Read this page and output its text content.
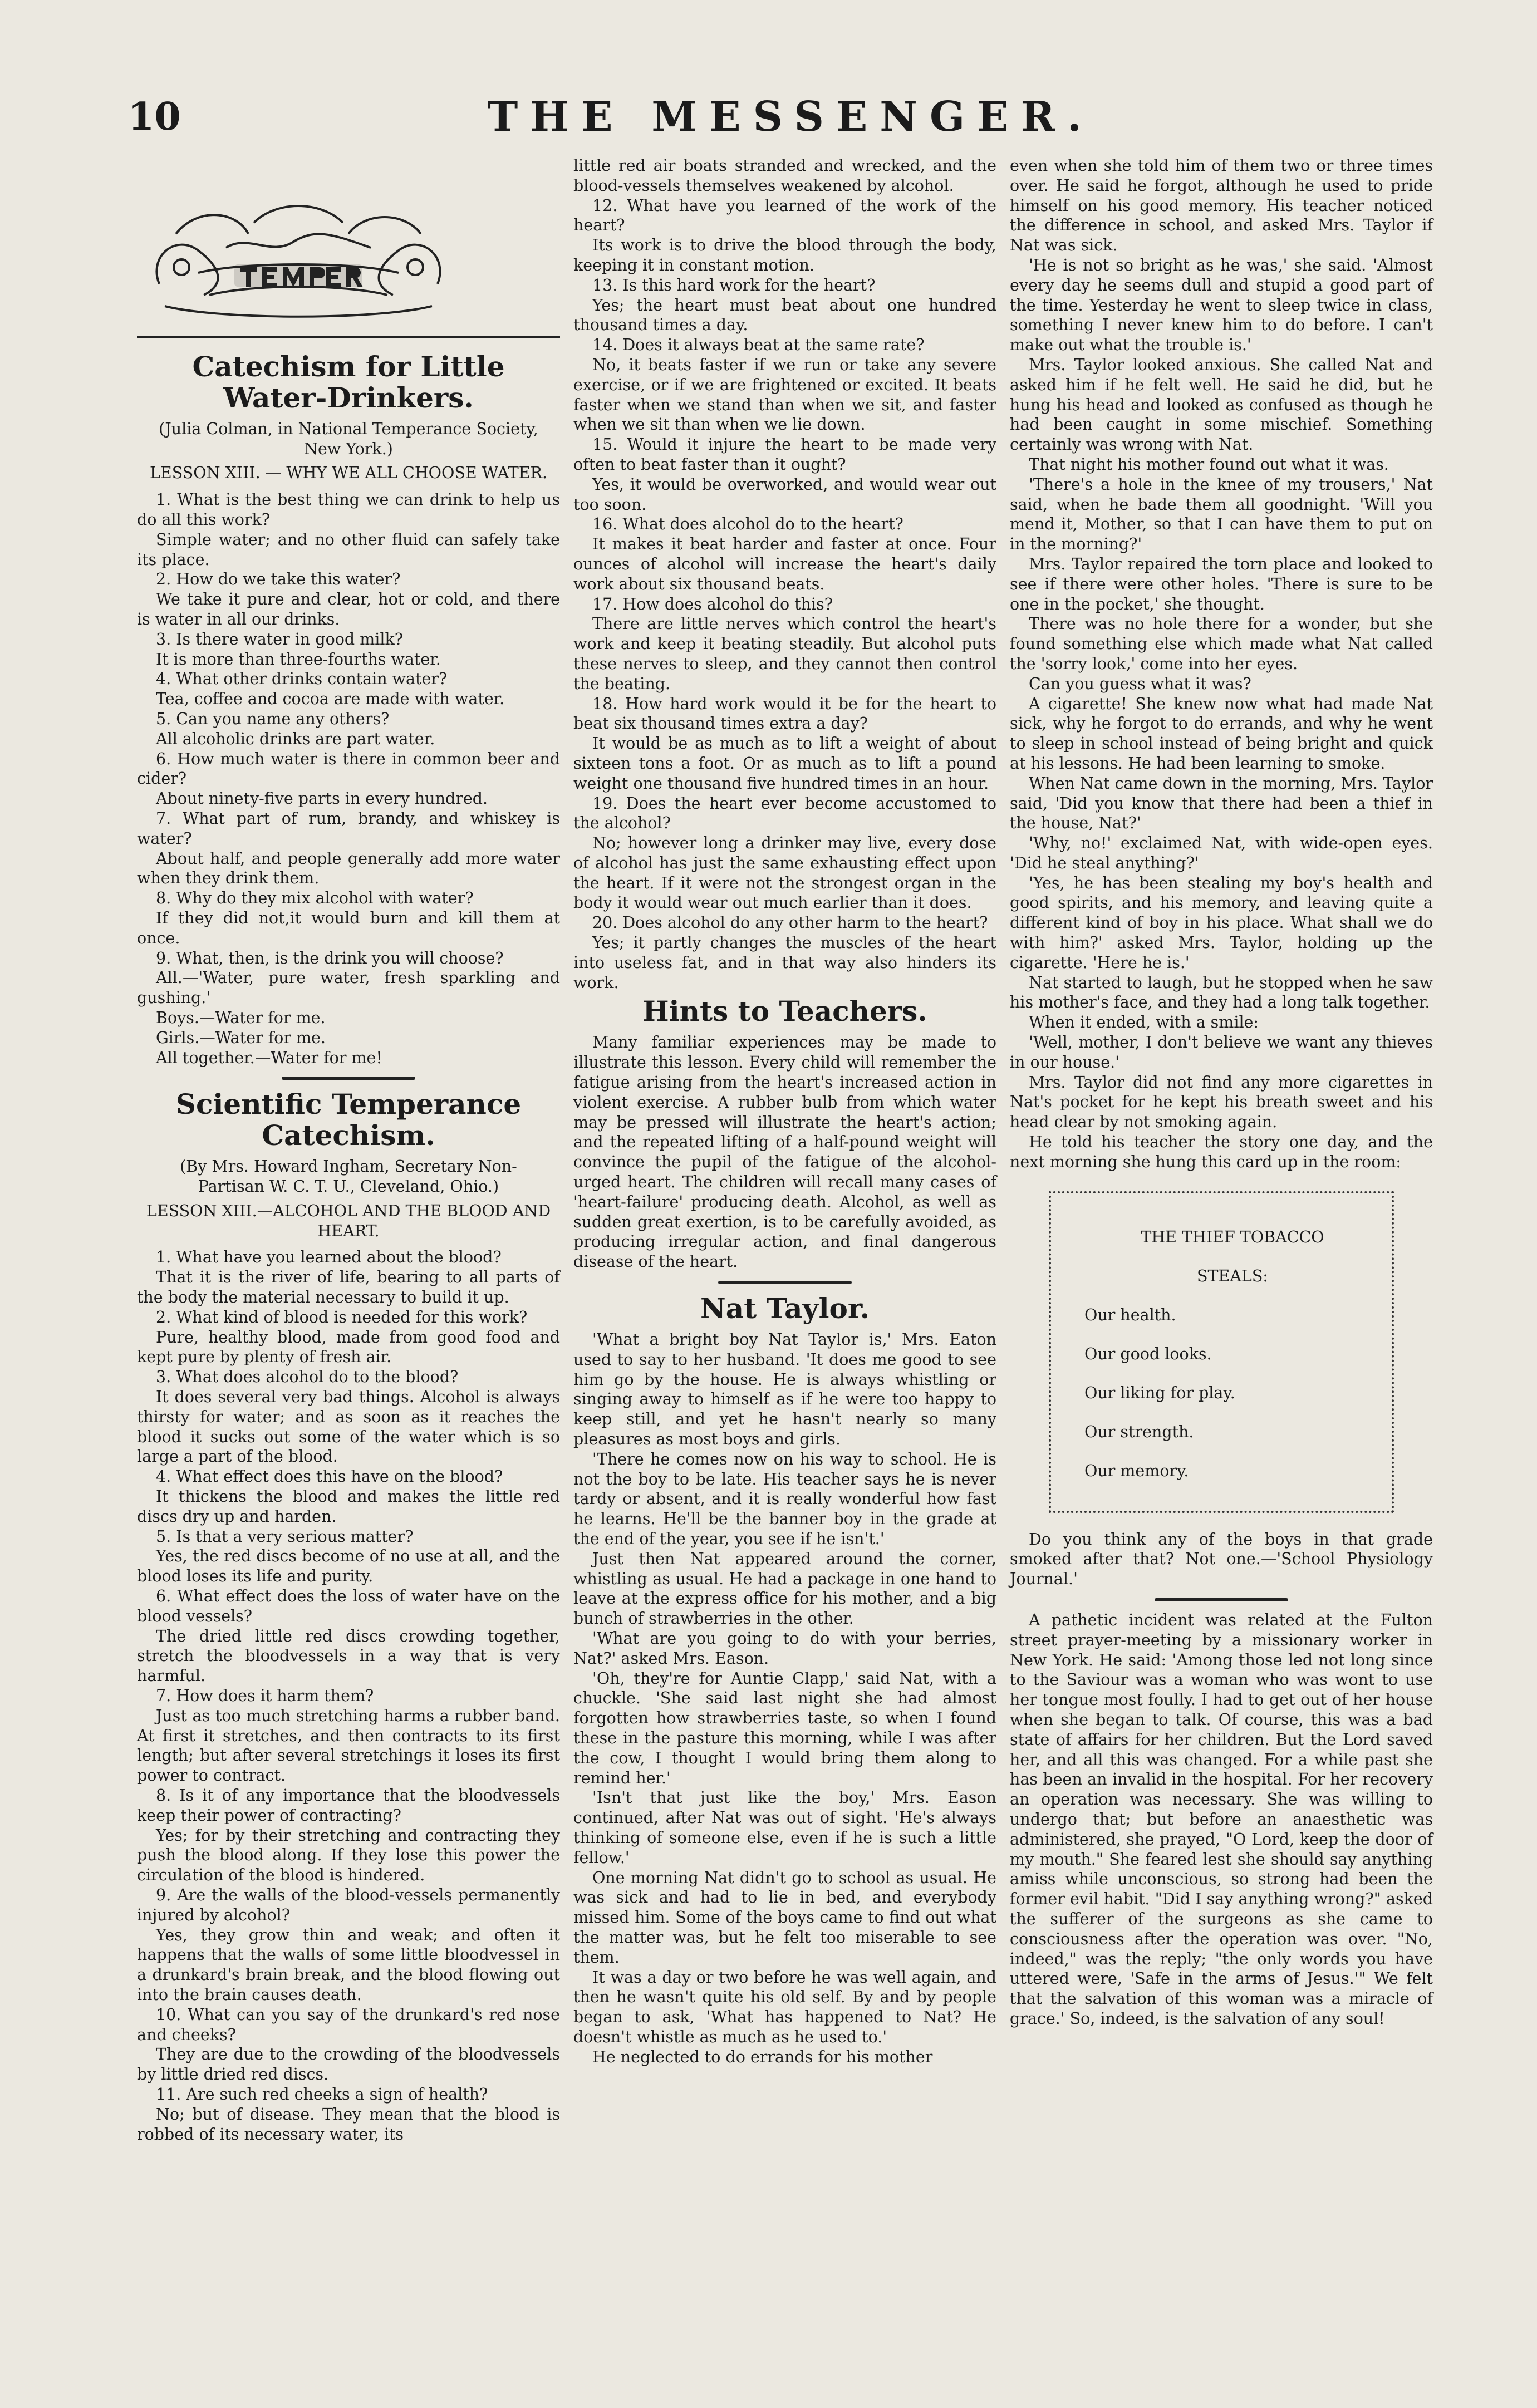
10	THE MESSENGER.
Catechism for Little Water-Drinkers.
(Julia Colman, in National Temperance Society, New York.)
LESSON XIII. — WHY WE ALL CHOOSE WATER.

1. What is the best thing we can drink to help us do all this work?

Simple water; and no other fluid can safely take its place.

2. How do we take this water?

We take it pure and clear, hot or cold, and there is water in all our drinks.

3. Is there water in good milk?

It is more than three-fourths water.

4. What other drinks contain water?

Tea, coffee and cocoa are made with water.

5. Can you name any others?

All alcoholic drinks are part water.

6. How much water is there in common beer and cider?

About ninety-five parts in every hundred.

7. What part of rum, brandy, and whiskey is water?

About half, and people generally add more water when they drink them.

8. Why do they mix alcohol with water?

If they did not,it would burn and kill them at once.

9. What, then, is the drink you will choose?

All.—'Water, pure water, fresh sparkling and gushing.'

Boys.—Water for me.

Girls.—Water for me.

All together.—Water for me!

Scientific Temperance Catechism.
(By Mrs. Howard Ingham, Secretary Non-Partisan W. C. T. U., Cleveland, Ohio.)
LESSON XIII.—ALCOHOL AND THE BLOOD AND HEART.

1. What have you learned about the blood?

That it is the river of life, bearing to all parts of the body the material necessary to build it up.

2. What kind of blood is needed for this work?

Pure, healthy blood, made from good food and kept pure by plenty of fresh air.

3. What does alcohol do to the blood?

It does several very bad things. Alcohol is always thirsty for water; and as soon as it reaches the blood it sucks out some of the water which is so large a part of the blood.

4. What effect does this have on the blood?

It thickens the blood and makes the little red discs dry up and harden.

5. Is that a very serious matter?

Yes, the red discs become of no use at all, and the blood loses its life and purity.

6. What effect does the loss of water have on the blood vessels?

The dried little red discs crowding together, stretch the bloodvessels in a way that is very harmful.

7. How does it harm them?

Just as too much stretching harms a rubber band. At first it stretches, and then contracts to its first length; but after several stretchings it loses its first power to contract.

8. Is it of any importance that the bloodvessels keep their power of contracting?

Yes; for by their stretching and contracting they push the blood along. If they lose this power the circulation of the blood is hindered.

9. Are the walls of the blood-vessels permanently injured by alcohol?

Yes, they grow thin and weak; and often it happens that the walls of some little bloodvessel in a drunkard's brain break, and the blood flowing out into the brain causes death.

10. What can you say of the drunkard's red nose and cheeks?

They are due to the crowding of the bloodvessels by little dried red discs.

11. Are such red cheeks a sign of health?

No; but of disease. They mean that the blood is robbed of its necessary water, its

little red air boats stranded and wrecked, and the blood-vessels themselves weakened by alcohol.

12. What have you learned of the work of the heart?

Its work is to drive the blood through the body, keeping it in constant motion.

13. Is this hard work for the heart?

Yes; the heart must beat about one hundred thousand times a day.

14. Does it always beat at the same rate?

No, it beats faster if we run or take any severe exercise, or if we are frightened or excited. It beats faster when we stand than when we sit, and faster when we sit than when we lie down.

15. Would it injure the heart to be made very often to beat faster than it ought?

Yes, it would be overworked, and would wear out too soon.

16. What does alcohol do to the heart?

It makes it beat harder and faster at once. Four ounces of alcohol will increase the heart's daily work about six thousand beats.

17. How does alcohol do this?

There are little nerves which control the heart's work and keep it beating steadily. But alcohol puts these nerves to sleep, and they cannot then control the beating.

18. How hard work would it be for the heart to beat six thousand times extra a day?

It would be as much as to lift a weight of about sixteen tons a foot. Or as much as to lift a pound weight one thousand five hundred times in an hour.

19. Does the heart ever become accustomed to the alcohol?

No; however long a drinker may live, every dose of alcohol has just the same exhausting effect upon the heart. If it were not the strongest organ in the body it would wear out much earlier than it does.

20. Does alcohol do any other harm to the heart?

Yes; it partly changes the muscles of the heart into useless fat, and in that way also hinders its work.

Hints to Teachers.

Many familiar experiences may be made to illustrate this lesson. Every child will remember the fatigue arising from the heart's increased action in violent exercise. A rubber bulb from which water may be pressed will illustrate the heart's action; and the repeated lifting of a half-pound weight will convince the pupil of the fatigue of the alcohol-urged heart. The children will recall many cases of 'heart-failure' producing death. Alcohol, as well as sudden great exertion, is to be carefully avoided, as producing irregular action, and final dangerous disease of the heart.

Nat Taylor.

'What a bright boy Nat Taylor is,' Mrs. Eaton used to say to her husband. 'It does me good to see him go by the house. He is always whistling or singing away to himself as if he were too happy to keep still, and yet he hasn't nearly so many pleasures as most boys and girls.

'There he comes now on his way to school. He is not the boy to be late. His teacher says he is never tardy or absent, and it is really wonderful how fast he learns. He'll be the banner boy in the grade at the end of the year, you see if he isn't.'

Just then Nat appeared around the corner, whistling as usual. He had a package in one hand to leave at the express office for his mother, and a big bunch of strawberries in the other.

'What are you going to do with your berries, Nat?' asked Mrs. Eason.

'Oh, they're for Auntie Clapp,' said Nat, with a chuckle. 'She said last night she had almost forgotten how strawberries taste, so when I found these in the pasture this morning, while I was after the cow, I thought I would bring them along to remind her.'

'Isn't that just like the boy,' Mrs. Eason continued, after Nat was out of sight. 'He's always thinking of someone else, even if he is such a little fellow.'

One morning Nat didn't go to school as usual. He was sick and had to lie in bed, and everybody missed him. Some of the boys came to find out what the matter was, but he felt too miserable to see them.

It was a day or two before he was well again, and then he wasn't quite his old self. By and by people began to ask, 'What has happened to Nat? He doesn't whistle as much as he used to.'

He neglected to do errands for his mother

even when she told him of them two or three times over. He said he forgot, although he used to pride himself on his good memory. His teacher noticed the difference in school, and asked Mrs. Taylor if Nat was sick.

'He is not so bright as he was,' she said. 'Almost every day he seems dull and stupid a good part of the time. Yesterday he went to sleep twice in class, something I never knew him to do before. I can't make out what the trouble is.'

Mrs. Taylor looked anxious. She called Nat and asked him if he felt well. He said he did, but he hung his head and looked as confused as though he had been caught in some mischief. Something certainly was wrong with Nat.

That night his mother found out what it was.

'There's a hole in the knee of my trousers,' Nat said, when he bade them all goodnight. 'Will you mend it, Mother, so that I can have them to put on in the morning?'

Mrs. Taylor repaired the torn place and looked to see if there were other holes. 'There is sure to be one in the pocket,' she thought.

There was no hole there for a wonder, but she found something else which made what Nat called the 'sorry look,' come into her eyes.

Can you guess what it was?

A cigarette! She knew now what had made Nat sick, why he forgot to do errands, and why he went to sleep in school instead of being bright and quick at his lessons. He had been learning to smoke.

When Nat came down in the morning, Mrs. Taylor said, 'Did you know that there had been a thief in the house, Nat?'

'Why, no!' exclaimed Nat, with wide-open eyes. 'Did he steal anything?'

'Yes, he has been stealing my boy's health and good spirits, and his memory, and leaving quite a different kind of boy in his place. What shall we do with him?' asked Mrs. Taylor, holding up the cigarette. 'Here he is.'

Nat started to laugh, but he stopped when he saw his mother's face, and they had a long talk together.

When it ended, with a smile:

'Well, mother, I don't believe we want any thieves in our house.'

Mrs. Taylor did not find any more cigarettes in Nat's pocket for he kept his breath sweet and his head clear by not smoking again.

He told his teacher the story one day, and the next morning she hung this card up in the room:

THE THIEF TOBACCO

STEALS:

Our health.

Our good looks.

Our liking for play.

Our strength.

Our memory.

Do you think any of the boys in that grade smoked after that? Not one.—'School Physiology Journal.'

A pathetic incident was related at the Fulton street prayer-meeting by a missionary worker in New York. He said: 'Among those led not long since to the Saviour was a woman who was wont to use her tongue most foully. I had to get out of her house when she began to talk. Of course, this was a bad state of affairs for her children. But the Lord saved her, and all this was changed. For a while past she has been an invalid in the hospital. For her recovery an operation was necessary. She was willing to undergo that; but before an anaesthetic was administered, she prayed, "O Lord, keep the door of my mouth." She feared lest she should say anything amiss while unconscious, so strong had been the former evil habit. "Did I say anything wrong?" asked the sufferer of the surgeons as she came to consciousness after the operation was over. "No, indeed," was the reply; "the only words you have uttered were, 'Safe in the arms of Jesus.'" We felt that the salvation of this woman was a miracle of grace.' So, indeed, is the salvation of any soul!
